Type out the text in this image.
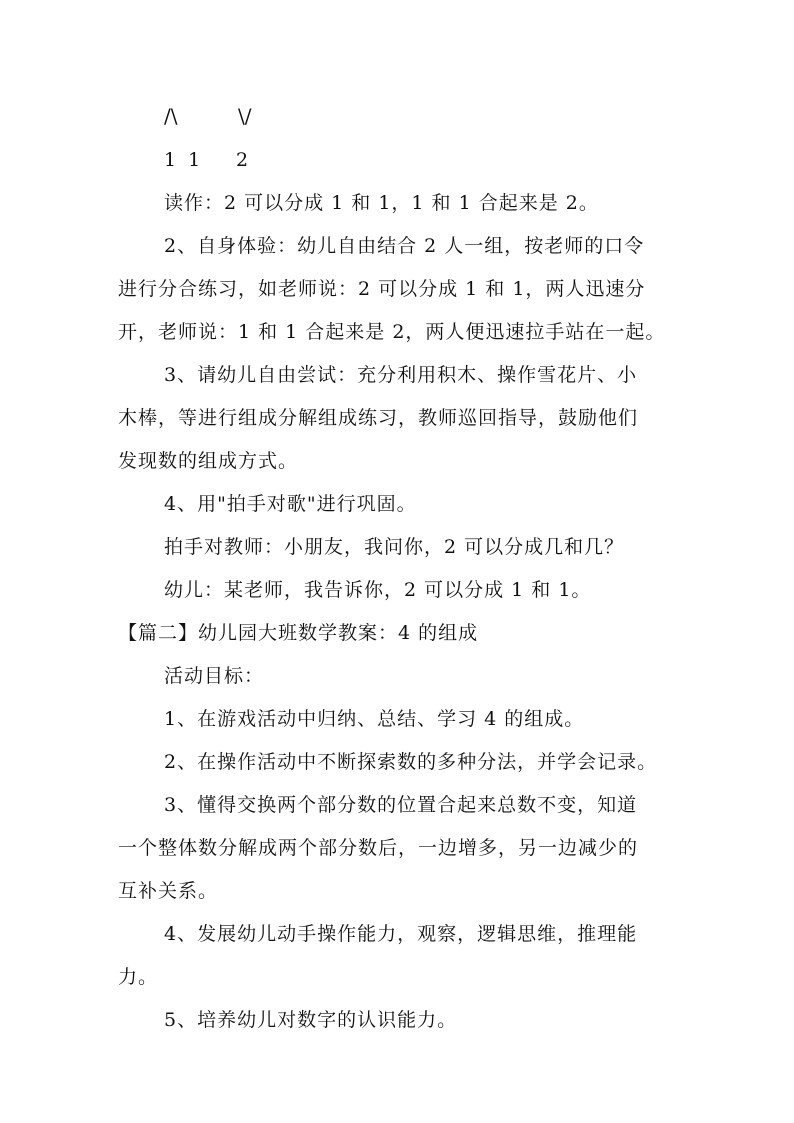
/\	\/
1 1	2
读作：2 可以分成 1 和 1，1 和 1 合起来是 2。
2、自身体验：幼儿自由结合 2 人一组，按老师的口令
进行分合练习，如老师说：2 可以分成 1 和 1，两人迅速分
开，老师说：1 和 1 合起来是 2，两人便迅速拉手站在一起。
3、请幼儿自由尝试：充分利用积木、操作雪花片、小
木棒，等进行组成分解组成练习，教师巡回指导，鼓励他们
发现数的组成方式。
4、用"拍手对歌"进行巩固。
拍手对教师：小朋友，我问你，2 可以分成几和几？
幼儿：某老师，我告诉你，2 可以分成 1 和 1。
【篇二】幼儿园大班数学教案：4 的组成
活动目标：
1、在游戏活动中归纳、总结、学习 4 的组成。
2、在操作活动中不断探索数的多种分法，并学会记录。
3、懂得交换两个部分数的位置合起来总数不变，知道
一个整体数分解成两个部分数后，一边增多，另一边减少的
互补关系。
4、发展幼儿动手操作能力，观察，逻辑思维，推理能
力。
5、培养幼儿对数字的认识能力。
